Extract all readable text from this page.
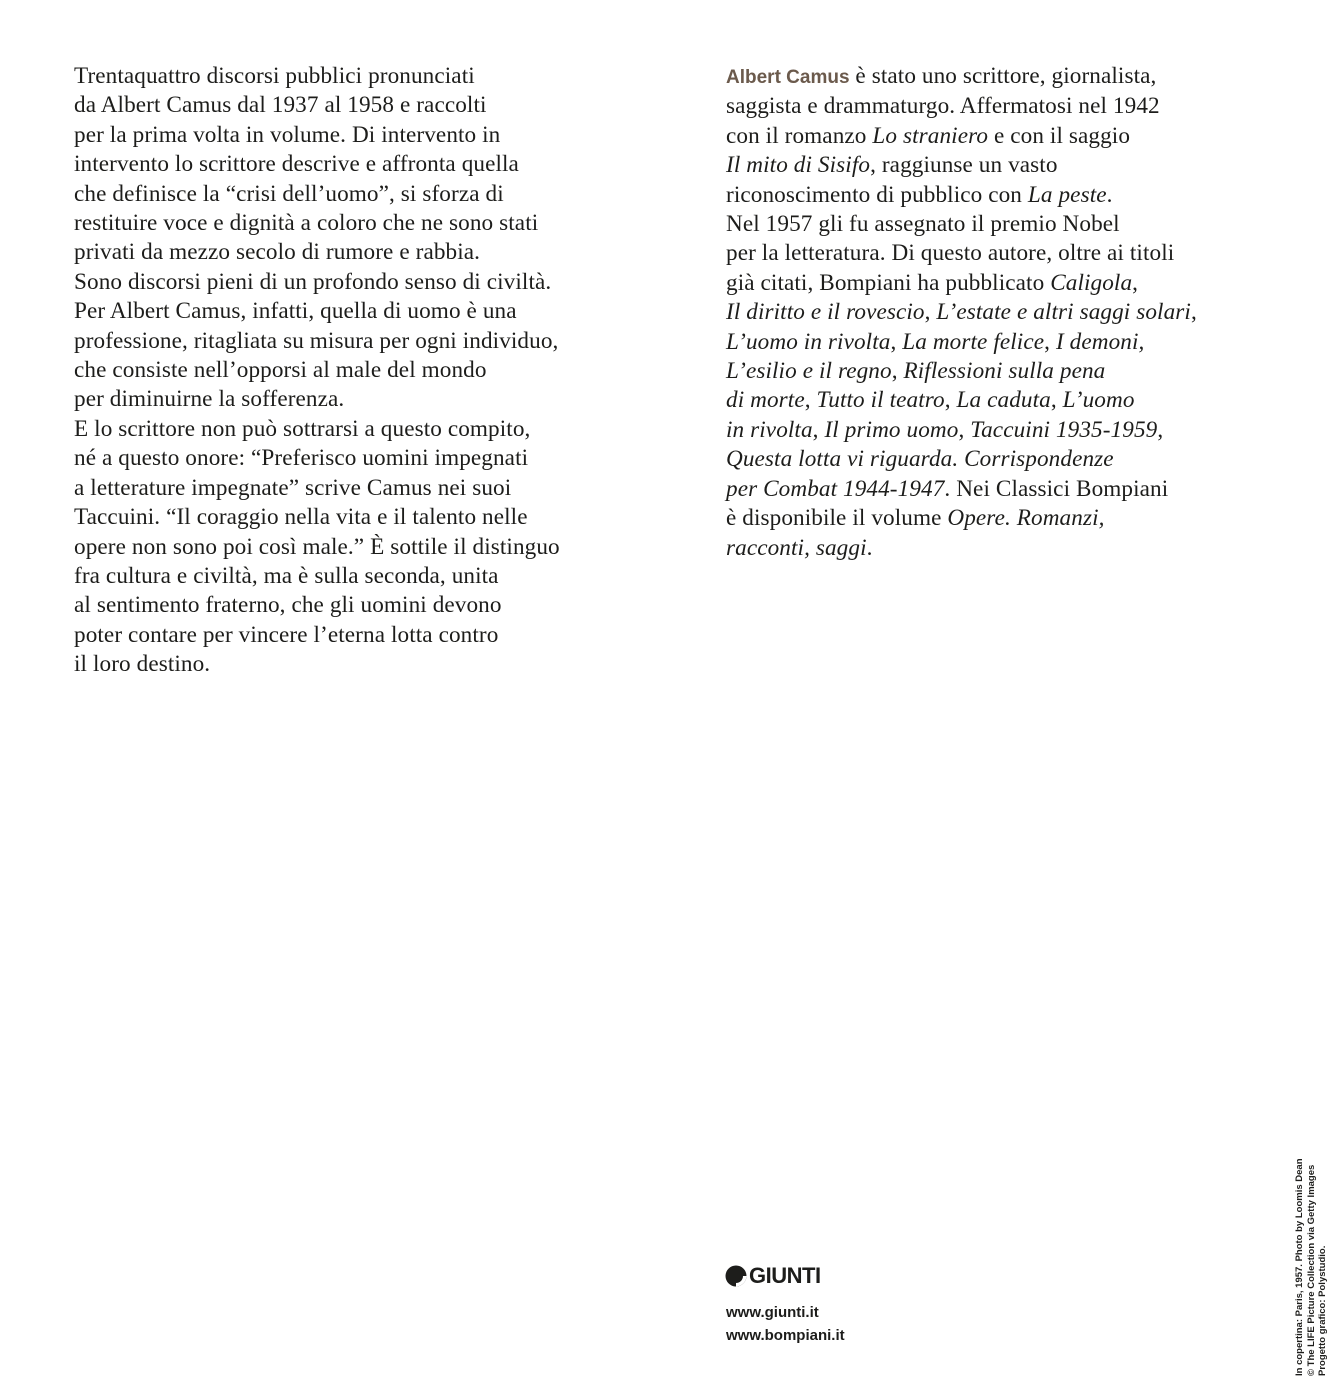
Trentaquattro discorsi pubblici pronunciati
da Albert Camus dal 1937 al 1958 e raccolti
per la prima volta in volume. Di intervento in
intervento lo scrittore descrive e affronta quella
che definisce la “crisi dell’uomo”, si sforza di
restituire voce e dignità a coloro che ne sono stati
privati da mezzo secolo di rumore e rabbia.
Sono discorsi pieni di un profondo senso di civiltà.
Per Albert Camus, infatti, quella di uomo è una
professione, ritagliata su misura per ogni individuo,
che consiste nell’opporsi al male del mondo
per diminuirne la sofferenza.
E lo scrittore non può sottrarsi a questo compito,
né a questo onore: “Preferisco uomini impegnati
a letterature impegnate” scrive Camus nei suoi
Taccuini. “Il coraggio nella vita e il talento nelle
opere non sono poi così male.” È sottile il distinguo
fra cultura e civiltà, ma è sulla seconda, unita
al sentimento fraterno, che gli uomini devono
poter contare per vincere l’eterna lotta contro
il loro destino.
Albert Camus è stato uno scrittore, giornalista,
saggista e drammaturgo. Affermatosi nel 1942
con il romanzo Lo straniero e con il saggio
Il mito di Sisifo, raggiunse un vasto
riconoscimento di pubblico con La peste.
Nel 1957 gli fu assegnato il premio Nobel
per la letteratura. Di questo autore, oltre ai titoli
già citati, Bompiani ha pubblicato Caligola,
Il diritto e il rovescio, L’estate e altri saggi solari,
L’uomo in rivolta, La morte felice, I demoni,
L’esilio e il regno, Riflessioni sulla pena
di morte, Tutto il teatro, La caduta, L’uomo
in rivolta, Il primo uomo, Taccuini 1935-1959,
Questa lotta vi riguarda. Corrispondenze
per Combat 1944-1947. Nei Classici Bompiani
è disponibile il volume Opere. Romanzi,
racconti, saggi.
GIUNTI
www.giunti.it
www.bompiani.it	In copertina: Paris, 1957. Photo by Loomis Dean © The LIFE Picture Collection via Getty Images Progetto grafico: Polystudio.
